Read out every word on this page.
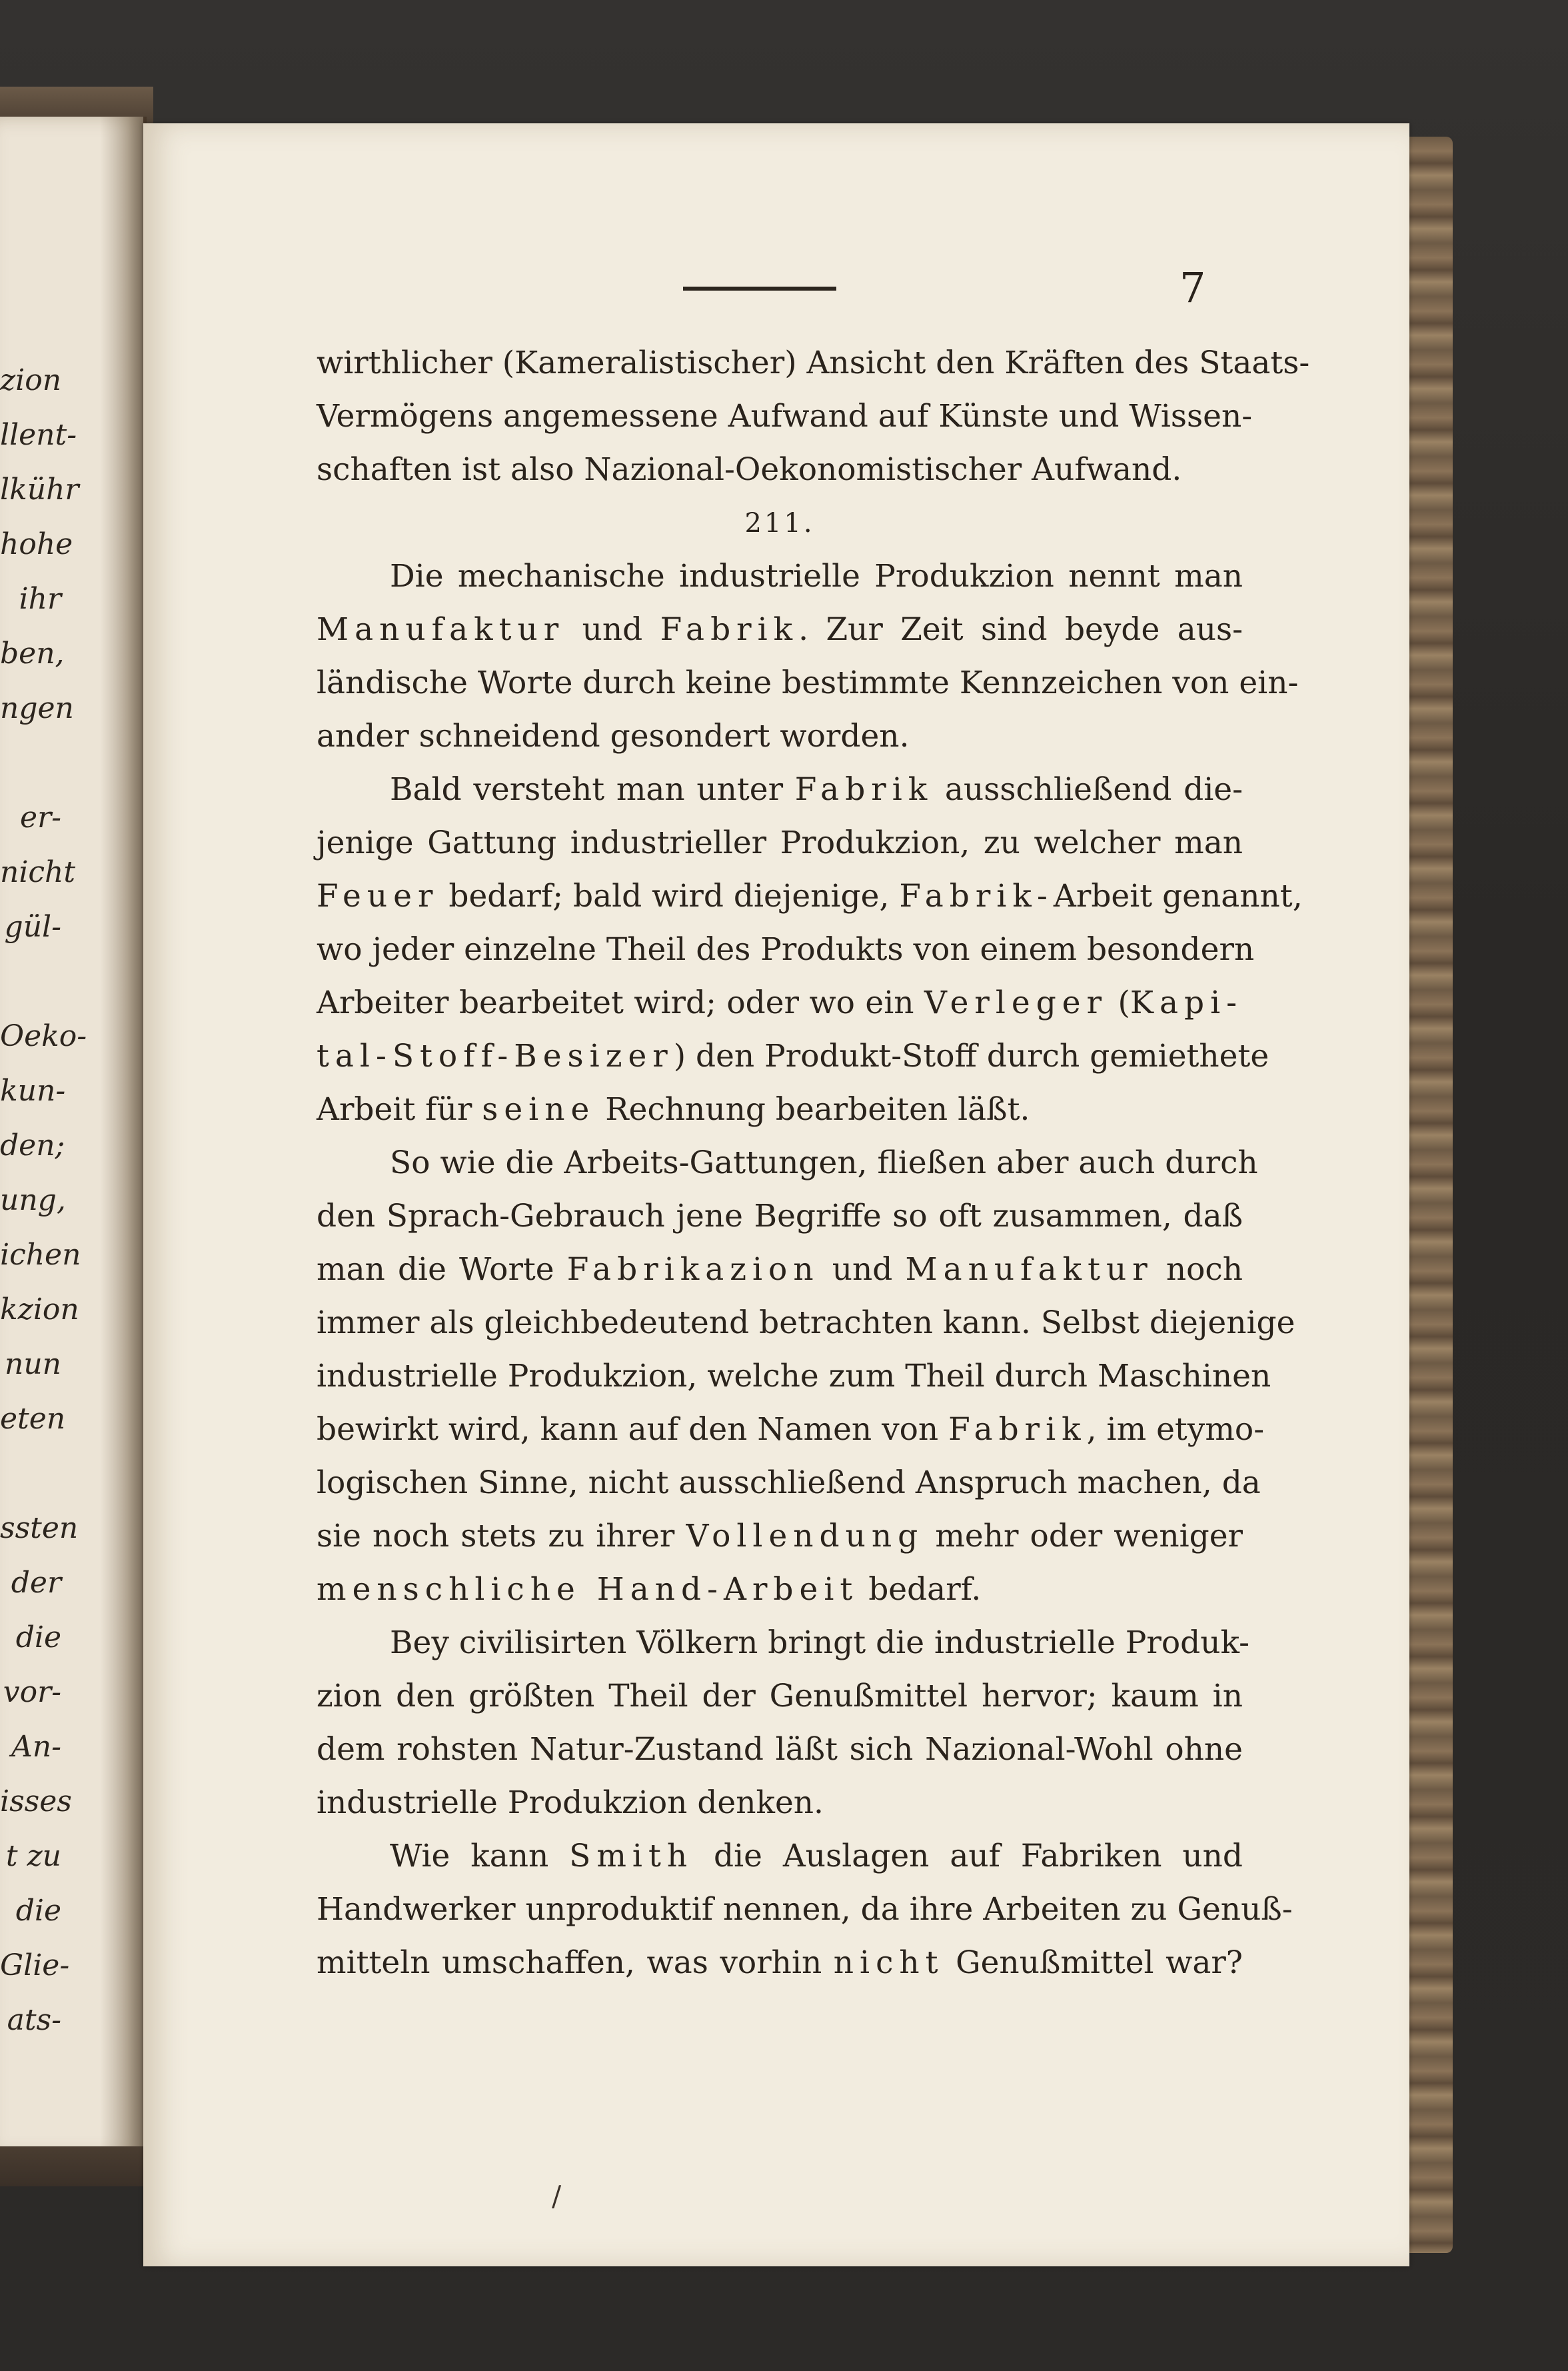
zion
llent-
lkühr
hohe
ihr
ben,
ngen
er-
nicht
gül-
Oeko-
kun-
den;
ung,
ichen
kzion
nun
eten
ssten
der
die
vor-
An-
isses
t zu
die
Glie-
ats-
7
wirthlicher (Kameralistischer) Ansicht den Kräften des Staats-
Vermögens angemessene Aufwand auf Künste und Wissen-
schaften ist also Nazional-Oekonomistischer Aufwand.
211.
Die mechanische industrielle Produkzion nennt man
Manufaktur und Fabrik. Zur Zeit sind beyde aus-
ländische Worte durch keine bestimmte Kennzeichen von ein-
ander schneidend gesondert worden.
Bald versteht man unter Fabrik ausschließend die-
jenige Gattung industrieller Produkzion, zu welcher man
Feuer bedarf; bald wird diejenige, Fabrik-Arbeit genannt,
wo jeder einzelne Theil des Produkts von einem besondern
Arbeiter bearbeitet wird; oder wo ein Verleger (Kapi-
tal-Stoff-Besizer) den Produkt-Stoff durch gemiethete
Arbeit für seine Rechnung bearbeiten läßt.
So wie die Arbeits-Gattungen, fließen aber auch durch
den Sprach-Gebrauch jene Begriffe so oft zusammen, daß
man die Worte Fabrikazion und Manufaktur noch
immer als gleichbedeutend betrachten kann. Selbst diejenige
industrielle Produkzion, welche zum Theil durch Maschinen
bewirkt wird, kann auf den Namen von Fabrik, im etymo-
logischen Sinne, nicht ausschließend Anspruch machen, da
sie noch stets zu ihrer Vollendung mehr oder weniger
menschliche Hand-Arbeit bedarf.
Bey civilisirten Völkern bringt die industrielle Produk-
zion den größten Theil der Genußmittel hervor; kaum in
dem rohsten Natur-Zustand läßt sich Nazional-Wohl ohne
industrielle Produkzion denken.
Wie kann Smith die Auslagen auf Fabriken und
Handwerker unproduktif nennen, da ihre Arbeiten zu Genuß-
mitteln umschaffen, was vorhin nicht Genußmittel war?
/
